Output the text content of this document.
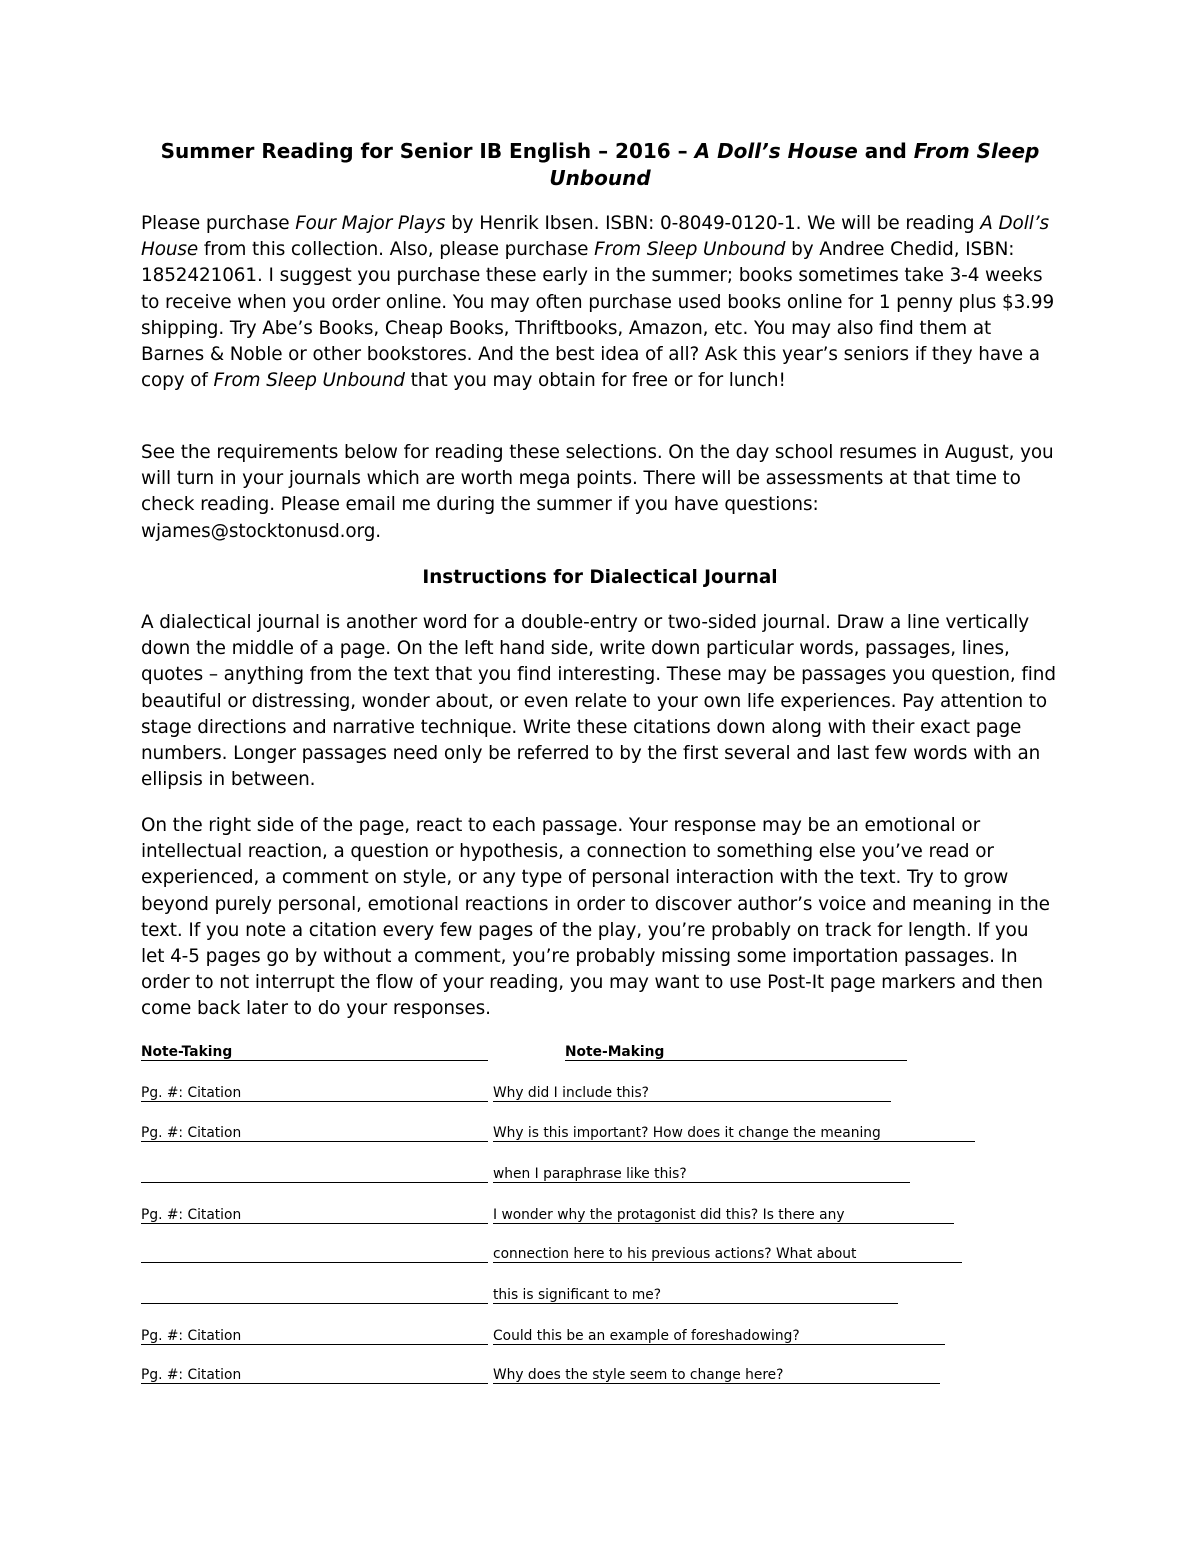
Summer Reading for Senior IB English – 2016 – A Doll’s House and From Sleep Unbound

Please purchase Four Major Plays by Henrik Ibsen. ISBN: 0-8049-0120-1. We will be reading A Doll’s House from this collection. Also, please purchase From Sleep Unbound by Andree Chedid, ISBN: 1852421061. I suggest you purchase these early in the summer; books sometimes take 3-4 weeks to receive when you order online. You may often purchase used books online for 1 penny plus $3.99 shipping. Try Abe’s Books, Cheap Books, Thriftbooks, Amazon, etc. You may also find them at Barnes & Noble or other bookstores. And the best idea of all? Ask this year’s seniors if they have a copy of From Sleep Unbound that you may obtain for free or for lunch!

See the requirements below for reading these selections. On the day school resumes in August, you will turn in your journals which are worth mega points. There will be assessments at that time to check reading. Please email me during the summer if you have questions: wjames@stocktonusd.org.

Instructions for Dialectical Journal

A dialectical journal is another word for a double-entry or two-sided journal. Draw a line vertically down the middle of a page. On the left hand side, write down particular words, passages, lines, quotes – anything from the text that you find interesting. These may be passages you question, find beautiful or distressing, wonder about, or even relate to your own life experiences. Pay attention to stage directions and narrative technique. Write these citations down along with their exact page numbers. Longer passages need only be referred to by the first several and last few words with an ellipsis in between.

On the right side of the page, react to each passage. Your response may be an emotional or intellectual reaction, a question or hypothesis, a connection to something else you’ve read or experienced, a comment on style, or any type of personal interaction with the text. Try to grow beyond purely personal, emotional reactions in order to discover author’s voice and meaning in the text. If you note a citation every few pages of the play, you’re probably on track for length. If you let 4-5 pages go by without a comment, you’re probably missing some importation passages. In order to not interrupt the flow of your reading, you may want to use Post-It page markers and then come back later to do your responses.

Note-Taking	Note-Making
Pg. #: Citation	Why did I include this?
Pg. #: Citation	Why is this important? How does it change the meaning
when I paraphrase like this?
Pg. #: Citation	I wonder why the protagonist did this? Is there any
connection here to his previous actions? What about
this is significant to me?
Pg. #: Citation	Could this be an example of foreshadowing?
Pg. #: Citation	Why does the style seem to change here?
